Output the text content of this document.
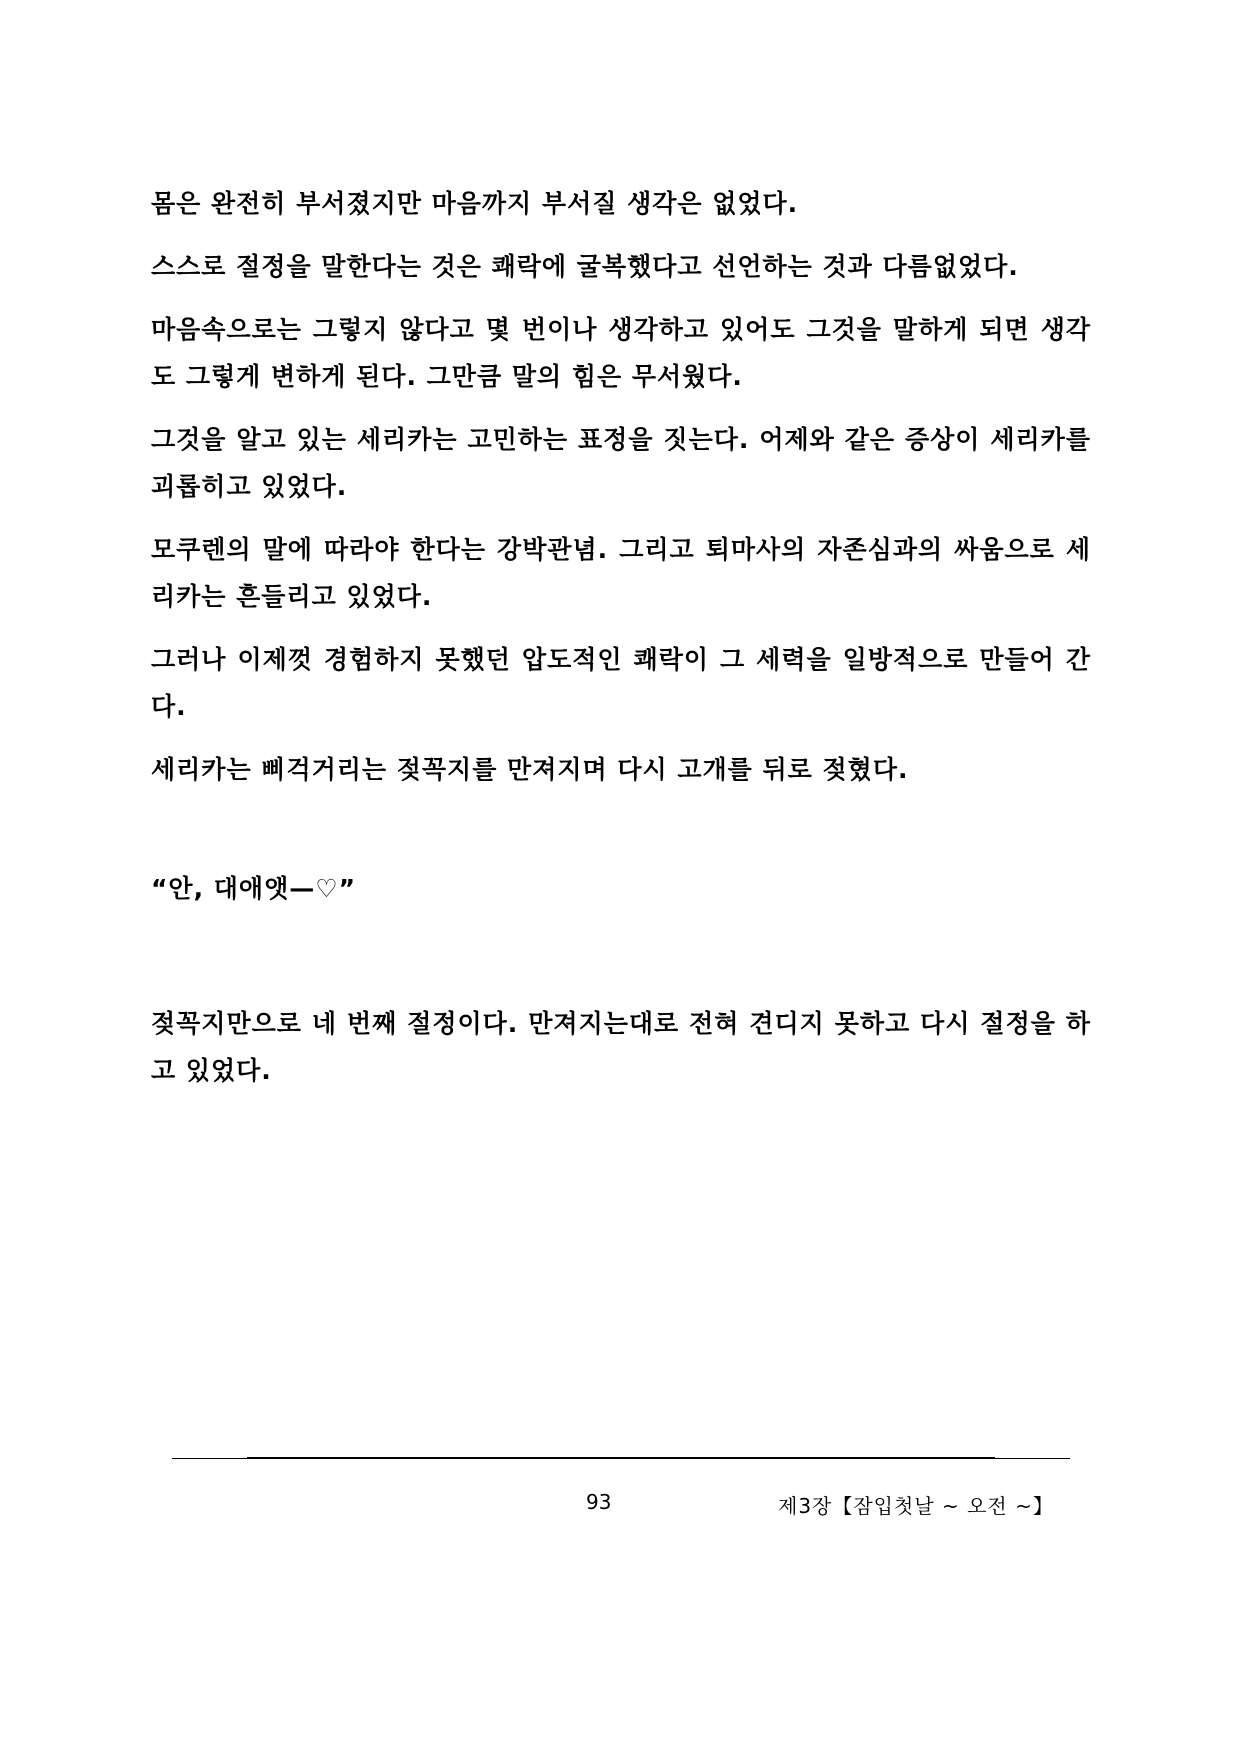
몸은 완전히 부서졌지만 마음까지 부서질 생각은 없었다.

스스로 절정을 말한다는 것은 쾌락에 굴복했다고 선언하는 것과 다름없었다.

마음속으로는 그렇지 않다고 몇 번이나 생각하고 있어도 그것을 말하게 되면 생각도 그렇게 변하게 된다. 그만큼 말의 힘은 무서웠다.

그것을 알고 있는 세리카는 고민하는 표정을 짓는다. 어제와 같은 증상이 세리카를 괴롭히고 있었다.

모쿠렌의 말에 따라야 한다는 강박관념. 그리고 퇴마사의 자존심과의 싸움으로 세리카는 흔들리고 있었다.

그러나 이제껏 경험하지 못했던 압도적인 쾌락이 그 세력을 일방적으로 만들어 간다.

세리카는 삐걱거리는 젖꼭지를 만져지며 다시 고개를 뒤로 젖혔다.

“안, 대애앳—♡”

젖꼭지만으로 네 번째 절정이다. 만져지는대로 전혀 견디지 못하고 다시 절정을 하고 있었다.

93	제3장【잠입첫날 ~ 오전 ~】
